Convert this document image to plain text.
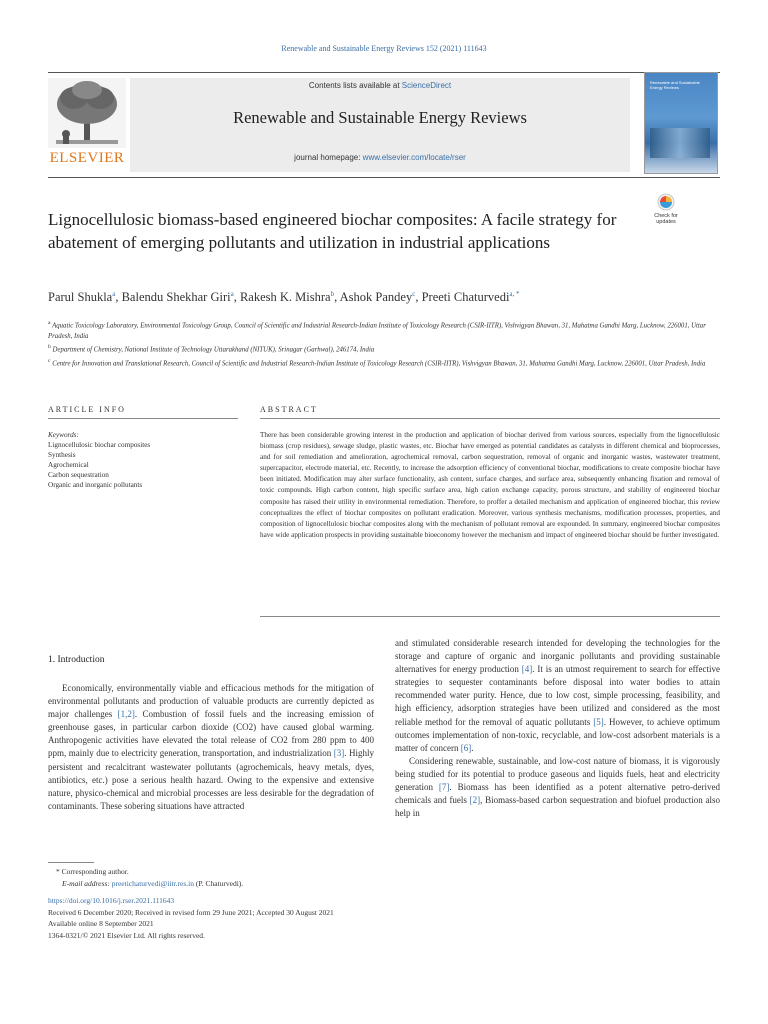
Renewable and Sustainable Energy Reviews 152 (2021) 111643
ELSEVIER
Contents lists available at ScienceDirect
Renewable and Sustainable Energy Reviews
journal homepage: www.elsevier.com/locate/rser
Renewable and Sustainable Energy Reviews
Check for updates
Lignocellulosic biomass-based engineered biochar composites: A facile strategy for abatement of emerging pollutants and utilization in industrial applications
Parul Shukla$^a$, Balendu Shekhar Giri$^a$, Rakesh K. Mishra$^b$, Ashok Pandey$^c$, Preeti Chaturvedi$^{a, *}$
$^a$ Aquatic Toxicology Laboratory, Environmental Toxicology Group, Council of Scientific and Industrial Research-Indian Institute of Toxicology Research (CSIR-IITR), Vishvigyan Bhawan, 31, Mahatma Gandhi Marg, Lucknow, 226001, Uttar Pradesh, India
$^b$ Department of Chemistry, National Institute of Technology Uttarakhand (NITUK), Srinagar (Garhwal), 246174, India
$^c$ Centre for Innovation and Translational Research, Council of Scientific and Industrial Research-Indian Institute of Toxicology Research (CSIR-IITR), Vishvigyan Bhawan, 31, Mahatma Gandhi Marg, Lucknow, 226001, Uttar Pradesh, India
ARTICLE INFO	ABSTRACT
Keywords:
Lignocellulosic biochar composites
Synthesis
Agrochemical
Carbon sequestration
Organic and inorganic pollutants
There has been considerable growing interest in the production and application of biochar derived from various sources, especially from the lignocellulosic biomass (crop residues), sewage sludge, plastic wastes, etc. Biochar have emerged as potential candidates as catalysts in different chemical and bioprocesses, and for soil remediation and amelioration, agrochemical removal, carbon sequestration, removal of organic and inorganic wastes, wastewater treatment, supercapacitor, electrode material, etc. Recently, to increase the adsorption efficiency of conventional biochar, modifications to create composite biochar have been initiated. Modification may alter surface functionality, ash content, surface charges, and surface area, subsequently enhancing fixation and removal of toxic compounds. High carbon content, high specific surface area, high cation exchange capacity, porous structure, and stability of engineered biochar composite has raised their utility in environmental remediation. Therefore, to proffer a detailed mechanism and application of engineered biochar, this review conceptualizes the effect of biochar composites on pollutant eradication. Moreover, various synthesis mechanisms, modification processes, properties, and composition of lignocellulosic biochar composites along with the mechanism of pollutant removal are expounded. In summary, engineered biochar composites have wide application prospects in providing sustainable bioeconomy however the mechanism and impact of engineered biochar should be further investigated.
1. Introduction

Economically, environmentally viable and efficacious methods for the mitigation of environmental pollutants and production of valuable products are currently depicted as major challenges [1,2]. Combustion of fossil fuels and the increasing emission of greenhouse gases, in particular carbon dioxide (CO2) have caused global warming. Anthropogenic activities have elevated the total release of CO2 from 280 ppm to 400 ppm, mainly due to electricity generation, transportation, and industrialization [3]. Highly persistent and recalcitrant wastewater pollutants (agrochemicals, heavy metals, dyes, antibiotics, etc.) pose a serious health hazard. Owing to the expensive and extensive nature, physico-chemical and microbial processes are less desirable for the degradation of contaminants. These sobering situations have attracted

and stimulated considerable research intended for developing the technologies for the storage and capture of organic and inorganic pollutants and providing sustainable alternatives for energy production [4]. It is an utmost requirement to search for effective strategies to sequester contaminants before disposal into water bodies to attain recommended water purity. Hence, due to low cost, simple processing, feasibility, and high efficiency, adsorption strategies have been utilized and considered as the most reliable method for the removal of aquatic pollutants [5]. However, to achieve optimum outcomes implementation of non-toxic, recyclable, and low-cost adsorbent materials is a matter of concern [6].

Considering renewable, sustainable, and low-cost nature of biomass, it is vigorously being studied for its potential to produce gaseous and liquids fuels, heat and electricity generation [7]. Biomass has been identified as a potent alternative petro-derived chemicals and fuels [2], Biomass-based carbon sequestration and biofuel production also help in

* Corresponding author.
E-mail address: preetichaturvedi@iitr.res.in (P. Chaturvedi).
https://doi.org/10.1016/j.rser.2021.111643
Received 6 December 2020; Received in revised form 29 June 2021; Accepted 30 August 2021
Available online 8 September 2021
1364-0321/© 2021 Elsevier Ltd. All rights reserved.
